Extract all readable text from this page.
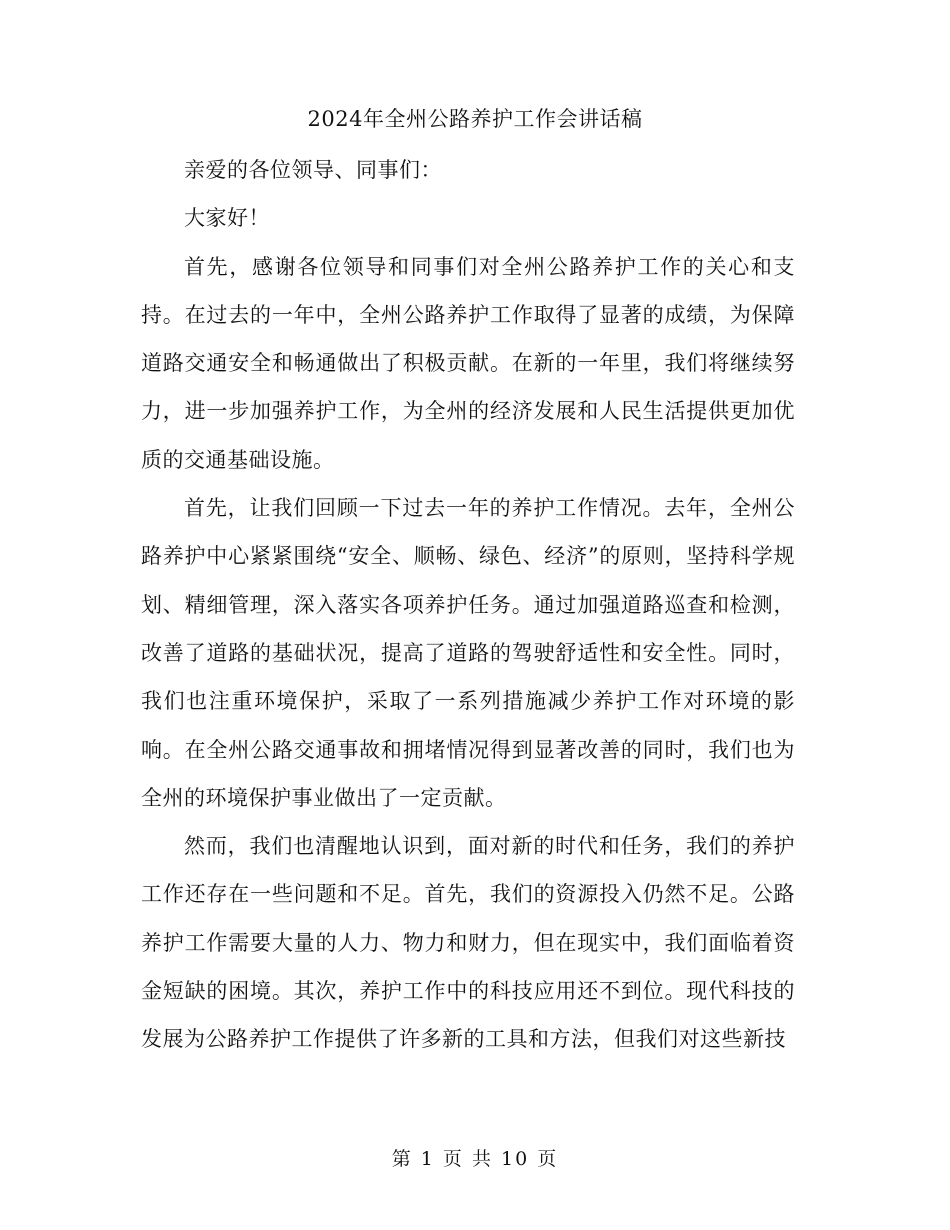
2024年全州公路养护工作会讲话稿

亲爱的各位领导、同事们：

大家好！

首先，感谢各位领导和同事们对全州公路养护工作的关心和支持。在过去的一年中，全州公路养护工作取得了显著的成绩，为保障道路交通安全和畅通做出了积极贡献。在新的一年里，我们将继续努力，进一步加强养护工作，为全州的经济发展和人民生活提供更加优质的交通基础设施。

首先，让我们回顾一下过去一年的养护工作情况。去年，全州公路养护中心紧紧围绕“安全、顺畅、绿色、经济”的原则，坚持科学规划、精细管理，深入落实各项养护任务。通过加强道路巡查和检测，改善了道路的基础状况，提高了道路的驾驶舒适性和安全性。同时，我们也注重环境保护，采取了一系列措施减少养护工作对环境的影响。在全州公路交通事故和拥堵情况得到显著改善的同时，我们也为全州的环境保护事业做出了一定贡献。

然而，我们也清醒地认识到，面对新的时代和任务，我们的养护工作还存在一些问题和不足。首先，我们的资源投入仍然不足。公路养护工作需要大量的人力、物力和财力，但在现实中，我们面临着资金短缺的困境。其次，养护工作中的科技应用还不到位。现代科技的发展为公路养护工作提供了许多新的工具和方法，但我们对这些新技

第 1 页 共 10 页
